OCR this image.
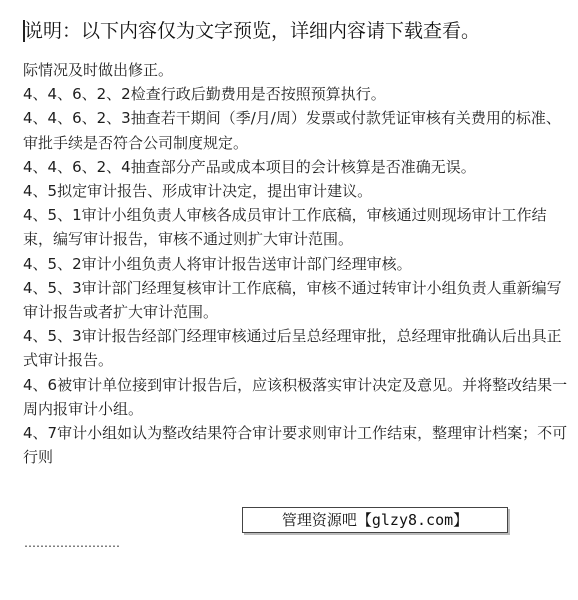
说明：以下内容仅为文字预览，详细内容请下载查看。

际情况及时做出修正。

4、4、6、2、2检查行政后勤费用是否按照预算执行。

4、4、6、2、3抽查若干期间（季/月/周）发票或付款凭证审核有关费用的标准、审批手续是否符合公司制度规定。

4、4、6、2、4抽查部分产品或成本项目的会计核算是否准确无误。

4、5拟定审计报告、形成审计决定，提出审计建议。

4、5、1审计小组负责人审核各成员审计工作底稿，审核通过则现场审计工作结束，编写审计报告，审核不通过则扩大审计范围。

4、5、2审计小组负责人将审计报告送审计部门经理审核。

4、5、3审计部门经理复核审计工作底稿，审核不通过转审计小组负责人重新编写审计报告或者扩大审计范围。

4、5、3审计报告经部门经理审核通过后呈总经理审批，总经理审批确认后出具正式审计报告。

4、6被审计单位接到审计报告后，应该积极落实审计决定及意见。并将整改结果一周内报审计小组。

4、7审计小组如认为整改结果符合审计要求则审计工作结束，整理审计档案；不可行则

管理资源吧【glzy8.com】
……………………
